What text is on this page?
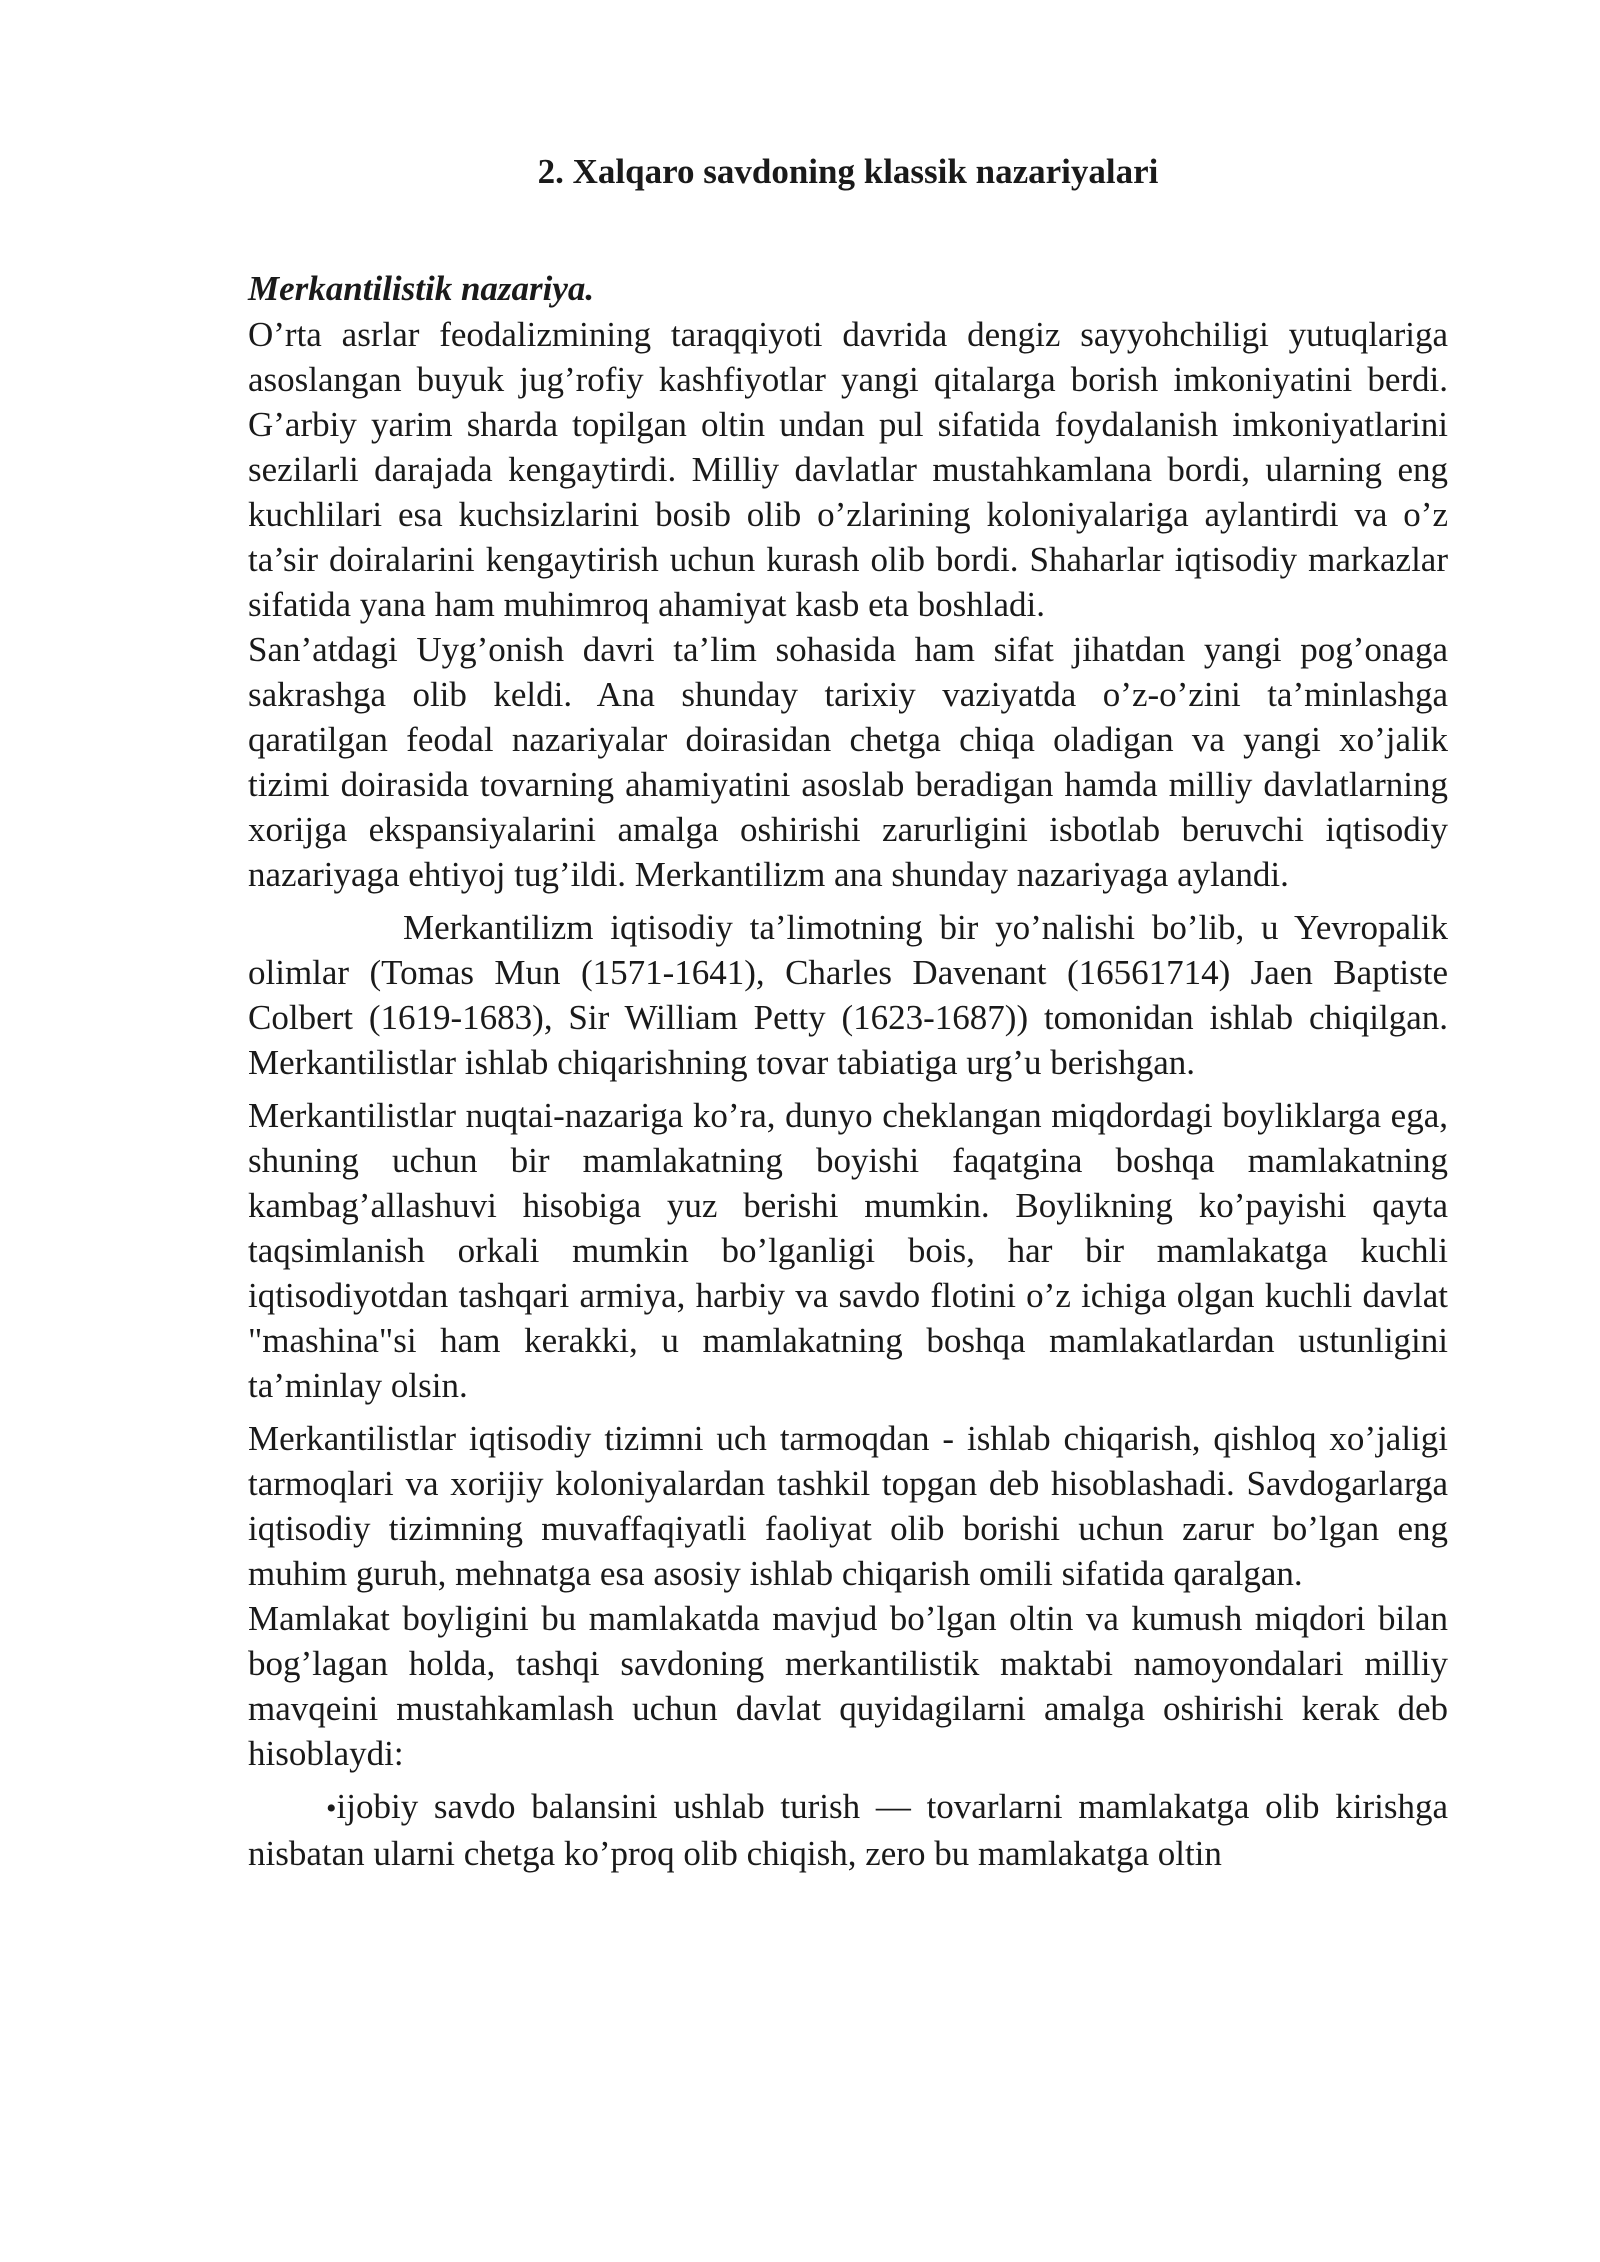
2. Xalqaro savdoning klassik nazariyalari

Merkantilistik nazariya.

O’rta asrlar feodalizmining taraqqiyoti davrida dengiz sayyohchiligi yutuqlariga asoslangan buyuk jug’rofiy kashfiyotlar yangi qitalarga borish imkoniyatini berdi. G’arbiy yarim sharda topilgan oltin undan pul sifatida foydalanish imkoniyatlarini sezilarli darajada kengaytirdi. Milliy davlatlar mustahkamlana bordi, ularning eng kuchlilari esa kuchsizlarini bosib olib o’zlarining koloniyalariga aylantirdi va o’z ta’sir doiralarini kengaytirish uchun kurash olib bordi. Shaharlar iqtisodiy markazlar sifatida yana ham muhimroq ahamiyat kasb eta boshladi.

San’atdagi Uyg’onish davri ta’lim sohasida ham sifat jihatdan yangi pog’onaga sakrashga olib keldi. Ana shunday tarixiy vaziyatda o’z-o’zini ta’minlashga qaratilgan feodal nazariyalar doirasidan chetga chiqa oladigan va yangi xo’jalik tizimi doirasida tovarning ahamiyatini asoslab beradigan hamda milliy davlatlarning xorijga ekspansiyalarini amalga oshirishi zarurligini isbotlab beruvchi iqtisodiy nazariyaga ehtiyoj tug’ildi. Merkantilizm ana shunday nazariyaga aylandi.

Merkantilizm iqtisodiy ta’limotning bir yo’nalishi bo’lib, u Yevropalik olimlar (Tomas Mun (1571-1641), Charles Davenant (16561714) Jaen Baptiste Colbert (1619-1683), Sir William Petty (1623-1687)) tomonidan ishlab chiqilgan. Merkantilistlar ishlab chiqarishning tovar tabiatiga urg’u berishgan.

Merkantilistlar nuqtai-nazariga ko’ra, dunyo cheklangan miqdordagi boyliklarga ega, shuning uchun bir mamlakatning boyishi faqatgina boshqa mamlakatning kambag’allashuvi hisobiga yuz berishi mumkin. Boylikning ko’payishi qayta taqsimlanish orkali mumkin bo’lganligi bois, har bir mamlakatga kuchli iqtisodiyotdan tashqari armiya, harbiy va savdo flotini o’z ichiga olgan kuchli davlat "mashina"si ham kerakki, u mamlakatning boshqa mamlakatlardan ustunligini ta’minlay olsin.

Merkantilistlar iqtisodiy tizimni uch tarmoqdan - ishlab chiqarish, qishloq xo’jaligi tarmoqlari va xorijiy koloniyalardan tashkil topgan deb hisoblashadi. Savdogarlarga iqtisodiy tizimning muvaffaqiyatli faoliyat olib borishi uchun zarur bo’lgan eng muhim guruh, mehnatga esa asosiy ishlab chiqarish omili sifatida qaralgan.

Mamlakat boyligini bu mamlakatda mavjud bo’lgan oltin va kumush miqdori bilan bog’lagan holda, tashqi savdoning merkantilistik maktabi namoyondalari milliy mavqeini mustahkamlash uchun davlat quyidagilarni amalga oshirishi kerak deb hisoblaydi:

•ijobiy savdo balansini ushlab turish — tovarlarni mamlakatga olib kirishga nisbatan ularni chetga ko’proq olib chiqish, zero bu mamlakatga oltin
